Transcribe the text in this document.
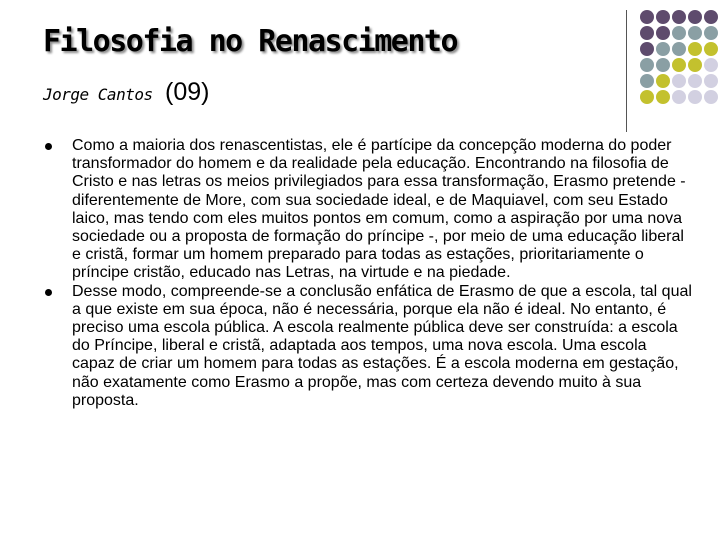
Filosofia no Renascimento
Jorge Cantos (09)
Como a maioria dos renascentistas, ele é partícipe da concepção moderna do poder transformador do homem e da realidade pela educação. Encontrando na filosofia de Cristo e nas letras os meios privilegiados para essa transformação, Erasmo pretende - diferentemente de More, com sua sociedade ideal, e de Maquiavel, com seu Estado laico, mas tendo com eles muitos pontos em comum, como a aspiração por uma nova sociedade ou a proposta de formação do príncipe -, por meio de uma educação liberal e cristã, formar um homem preparado para todas as estações, prioritariamente o príncipe cristão, educado nas Letras, na virtude e na piedade.
Desse modo, compreende-se a conclusão enfática de Erasmo de que a escola, tal qual a que existe em sua época, não é necessária, porque ela não é ideal. No entanto, é preciso uma escola pública. A escola realmente pública deve ser construída: a escola do Príncipe, liberal e cristã, adaptada aos tempos, uma nova escola. Uma escola capaz de criar um homem para todas as estações. É a escola moderna em gestação, não exatamente como Erasmo a propõe, mas com certeza devendo muito à sua proposta.
